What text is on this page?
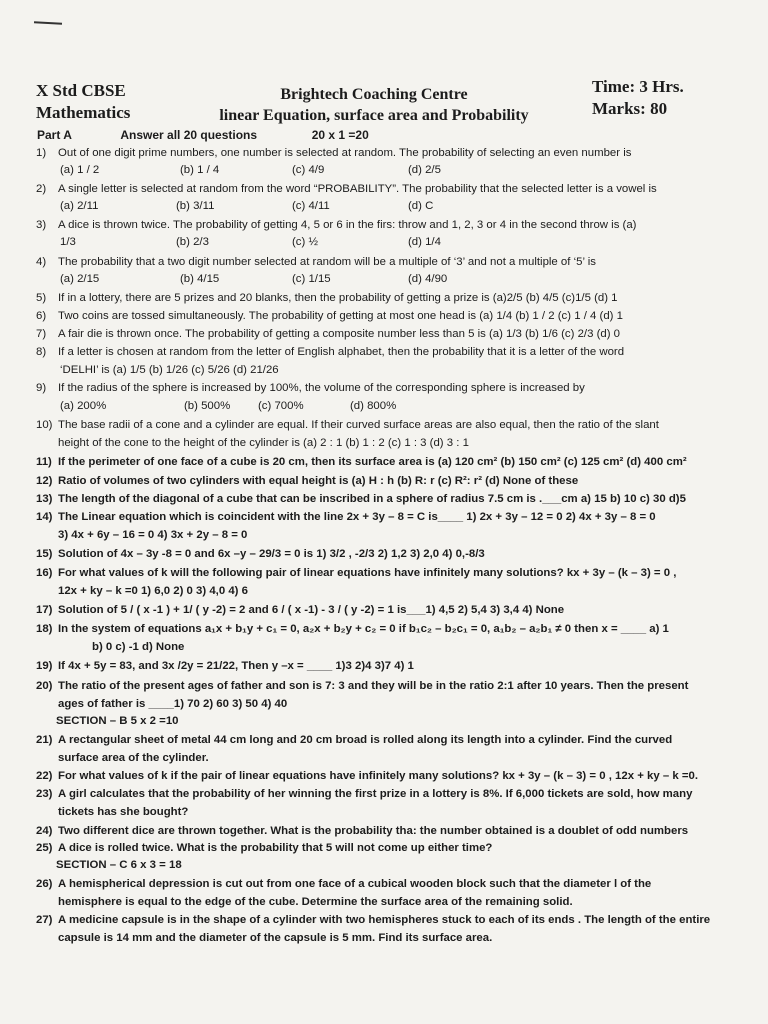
X Std CBSE
Mathematics
Brightech Coaching Centre
linear Equation, surface area and Probability
Time: 3 Hrs.
Marks: 80
Part A	Answer all 20 questions	20 x 1 =20
1) Out of one digit prime numbers, one number is selected at random. The probability of selecting an even number is
(a) 1 / 2	(b) 1 / 4	(c) 4/9	(d) 2/5
2) A single letter is selected at random from the word “PROBABILITY”. The probability that the selected letter is a vowel is
(a) 2/11	(b) 3/11	(c) 4/11	(d) C
3) A dice is thrown twice. The probability of getting 4, 5 or 6 in the firs: throw and 1, 2, 3 or 4 in the second throw is (a)
1/3	(b) 2/3	(c) ½	(d) 1/4
4) The probability that a two digit number selected at random will be a multiple of ‘3’ and not a multiple of ‘5’ is
(a) 2/15	(b) 4/15	(c) 1/15	(d) 4/90
5) If in a lottery, there are 5 prizes and 20 blanks, then the probability of getting a prize is (a)2/5 (b) 4/5 (c)1/5 (d) 1
6) Two coins are tossed simultaneously. The probability of getting at most one head is (a) 1/4 (b) 1 / 2 (c) 1 / 4 (d) 1
7) A fair die is thrown once. The probability of getting a composite number less than 5 is (a) 1/3 (b) 1/6 (c) 2/3 (d) 0
8) If a letter is chosen at random from the letter of English alphabet, then the probability that it is a letter of the word
‘DELHI’ is (a) 1/5 (b) 1/26 (c) 5/26 (d) 21/26
9) If the radius of the sphere is increased by 100%, the volume of the corresponding sphere is increased by
(a) 200%	(b) 500% (c) 700%	(d) 800%
10) The base radii of a cone and a cylinder are equal. If their curved surface areas are also equal, then the ratio of the slant
height of the cone to the height of the cylinder is (a) 2 : 1 (b) 1 : 2 (c) 1 : 3 (d) 3 : 1
11) If the perimeter of one face of a cube is 20 cm, then its surface area is (a) 120 cm² (b) 150 cm² (c) 125 cm² (d) 400 cm²
12) Ratio of volumes of two cylinders with equal height is (a) H : h (b) R: r (c) R²: r² (d) None of these
13) The length of the diagonal of a cube that can be inscribed in a sphere of radius 7.5 cm is .___cm a) 15 b) 10 c) 30 d)5
14) The Linear equation which is coincident with the line 2x + 3y – 8 = C is____ 1) 2x + 3y – 12 = 0 2) 4x + 3y – 8 = 0
3) 4x + 6y – 16 = 0 4) 3x + 2y – 8 = 0
15) Solution of 4x – 3y -8 = 0 and 6x –y – 29/3 = 0 is 1) 3/2 , -2/3 2) 1,2 3) 2,0 4) 0,-8/3
16) For what values of k will the following pair of linear equations have infinitely many solutions? kx + 3y – (k – 3) = 0 ,
12x + ky – k =0 1) 6,0 2) 0 3) 4,0 4) 6
17) Solution of 5 / ( x -1 ) + 1/ ( y -2) = 2 and 6 / ( x -1) - 3 / ( y -2) = 1 is___1) 4,5 2) 5,4 3) 3,4 4) None
18) In the system of equations a₁x + b₁y + c₁ = 0, a₂x + b₂y + c₂ = 0 if b₁c₂ – b₂c₁ = 0, a₁b₂ – a₂b₁ ≠ 0 then x = ____ a) 1
b) 0 c) -1 d) None
19) If 4x + 5y = 83, and 3x /2y = 21/22, Then y –x = ____ 1)3 2)4 3)7 4) 1
20) The ratio of the present ages of father and son is 7: 3 and they will be in the ratio 2:1 after 10 years. Then the present
ages of father is ____1) 70 2) 60 3) 50 4) 40
SECTION – B 5 x 2 =10
21) A rectangular sheet of metal 44 cm long and 20 cm broad is rolled along its length into a cylinder. Find the curved
surface area of the cylinder.
22) For what values of k if the pair of linear equations have infinitely many solutions? kx + 3y – (k – 3) = 0 , 12x + ky – k =0.
23) A girl calculates that the probability of her winning the first prize in a lottery is 8%. If 6,000 tickets are sold, how many
tickets has she bought?
24) Two different dice are thrown together. What is the probability tha: the number obtained is a doublet of odd numbers
25) A dice is rolled twice. What is the probability that 5 will not come up either time?
SECTION – C 6 x 3 = 18
26) A hemispherical depression is cut out from one face of a cubical wooden block such that the diameter l of the
hemisphere is equal to the edge of the cube. Determine the surface area of the remaining solid.
27) A medicine capsule is in the shape of a cylinder with two hemispheres stuck to each of its ends . The length of the entire
capsule is 14 mm and the diameter of the capsule is 5 mm. Find its surface area.
